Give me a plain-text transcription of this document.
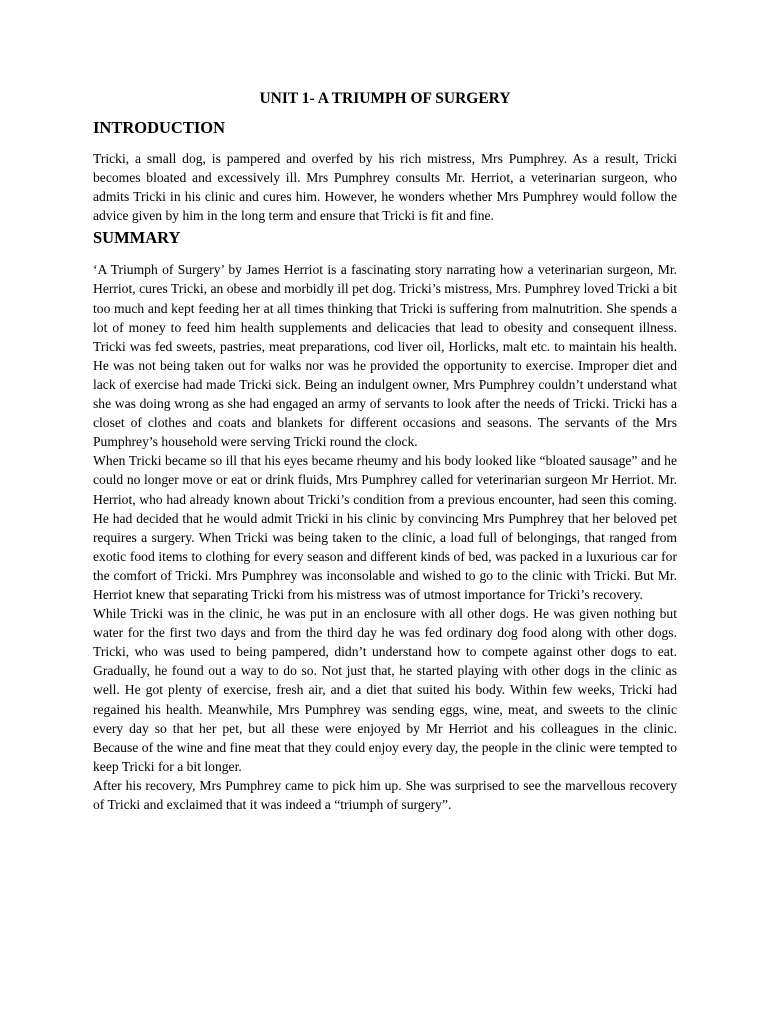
UNIT 1- A TRIUMPH OF SURGERY
INTRODUCTION

Tricki, a small dog, is pampered and overfed by his rich mistress, Mrs Pumphrey. As a result, Tricki becomes bloated and excessively ill. Mrs Pumphrey consults Mr. Herriot, a veterinarian surgeon, who admits Tricki in his clinic and cures him. However, he wonders whether Mrs Pumphrey would follow the advice given by him in the long term and ensure that Tricki is fit and fine.

SUMMARY

‘A Triumph of Surgery’ by James Herriot is a fascinating story narrating how a veterinarian surgeon, Mr. Herriot, cures Tricki, an obese and morbidly ill pet dog. Tricki’s mistress, Mrs. Pumphrey loved Tricki a bit too much and kept feeding her at all times thinking that Tricki is suffering from malnutrition. She spends a lot of money to feed him health supplements and delicacies that lead to obesity and consequent illness. Tricki was fed sweets, pastries, meat preparations, cod liver oil, Horlicks, malt etc. to maintain his health. He was not being taken out for walks nor was he provided the opportunity to exercise. Improper diet and lack of exercise had made Tricki sick. Being an indulgent owner, Mrs Pumphrey couldn’t understand what she was doing wrong as she had engaged an army of servants to look after the needs of Tricki. Tricki has a closet of clothes and coats and blankets for different occasions and seasons. The servants of the Mrs Pumphrey’s household were serving Tricki round the clock.

When Tricki became so ill that his eyes became rheumy and his body looked like “bloated sausage” and he could no longer move or eat or drink fluids, Mrs Pumphrey called for veterinarian surgeon Mr Herriot. Mr. Herriot, who had already known about Tricki’s condition from a previous encounter, had seen this coming. He had decided that he would admit Tricki in his clinic by convincing Mrs Pumphrey that her beloved pet requires a surgery. When Tricki was being taken to the clinic, a load full of belongings, that ranged from exotic food items to clothing for every season and different kinds of bed, was packed in a luxurious car for the comfort of Tricki. Mrs Pumphrey was inconsolable and wished to go to the clinic with Tricki. But Mr. Herriot knew that separating Tricki from his mistress was of utmost importance for Tricki’s recovery.

While Tricki was in the clinic, he was put in an enclosure with all other dogs. He was given nothing but water for the first two days and from the third day he was fed ordinary dog food along with other dogs. Tricki, who was used to being pampered, didn’t understand how to compete against other dogs to eat. Gradually, he found out a way to do so. Not just that, he started playing with other dogs in the clinic as well. He got plenty of exercise, fresh air, and a diet that suited his body. Within few weeks, Tricki had regained his health. Meanwhile, Mrs Pumphrey was sending eggs, wine, meat, and sweets to the clinic every day so that her pet, but all these were enjoyed by Mr Herriot and his colleagues in the clinic. Because of the wine and fine meat that they could enjoy every day, the people in the clinic were tempted to keep Tricki for a bit longer.

After his recovery, Mrs Pumphrey came to pick him up. She was surprised to see the marvellous recovery of Tricki and exclaimed that it was indeed a “triumph of surgery”.
